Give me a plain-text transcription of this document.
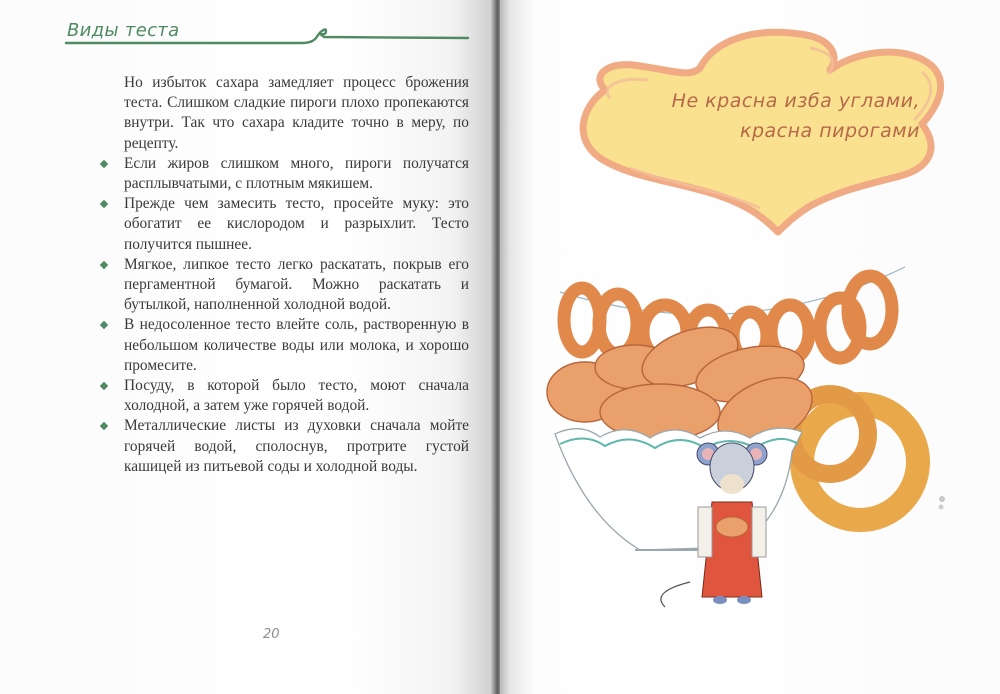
Виды теста

Но избыток сахара замедляет процесс брожения теста. Слишком сладкие пироги плохо пропекаются внутри. Так что сахара кладите точно в меру, по рецепту.

Если жиров слишком много, пироги получатся расплывчатыми, с плотным мякишем.
Прежде чем замесить тесто, просейте муку: это обогатит ее кислородом и разрыхлит. Тесто получится пышнее.
Мягкое, липкое тесто легко раскатать, покрыв его пергаментной бумагой. Можно раскатать и бутылкой, наполненной холодной водой.
В недосоленное тесто влейте соль, растворенную в небольшом количестве воды или молока, и хорошо промесите.
Посуду, в которой было тесто, моют сначала холодной, а затем уже горячей водой.
Металлические листы из духовки сначала мойте горячей водой, сполоснув, протрите густой кашицей из питьевой соды и холодной воды.
20
Не красна изба углами,
красна пирогами
